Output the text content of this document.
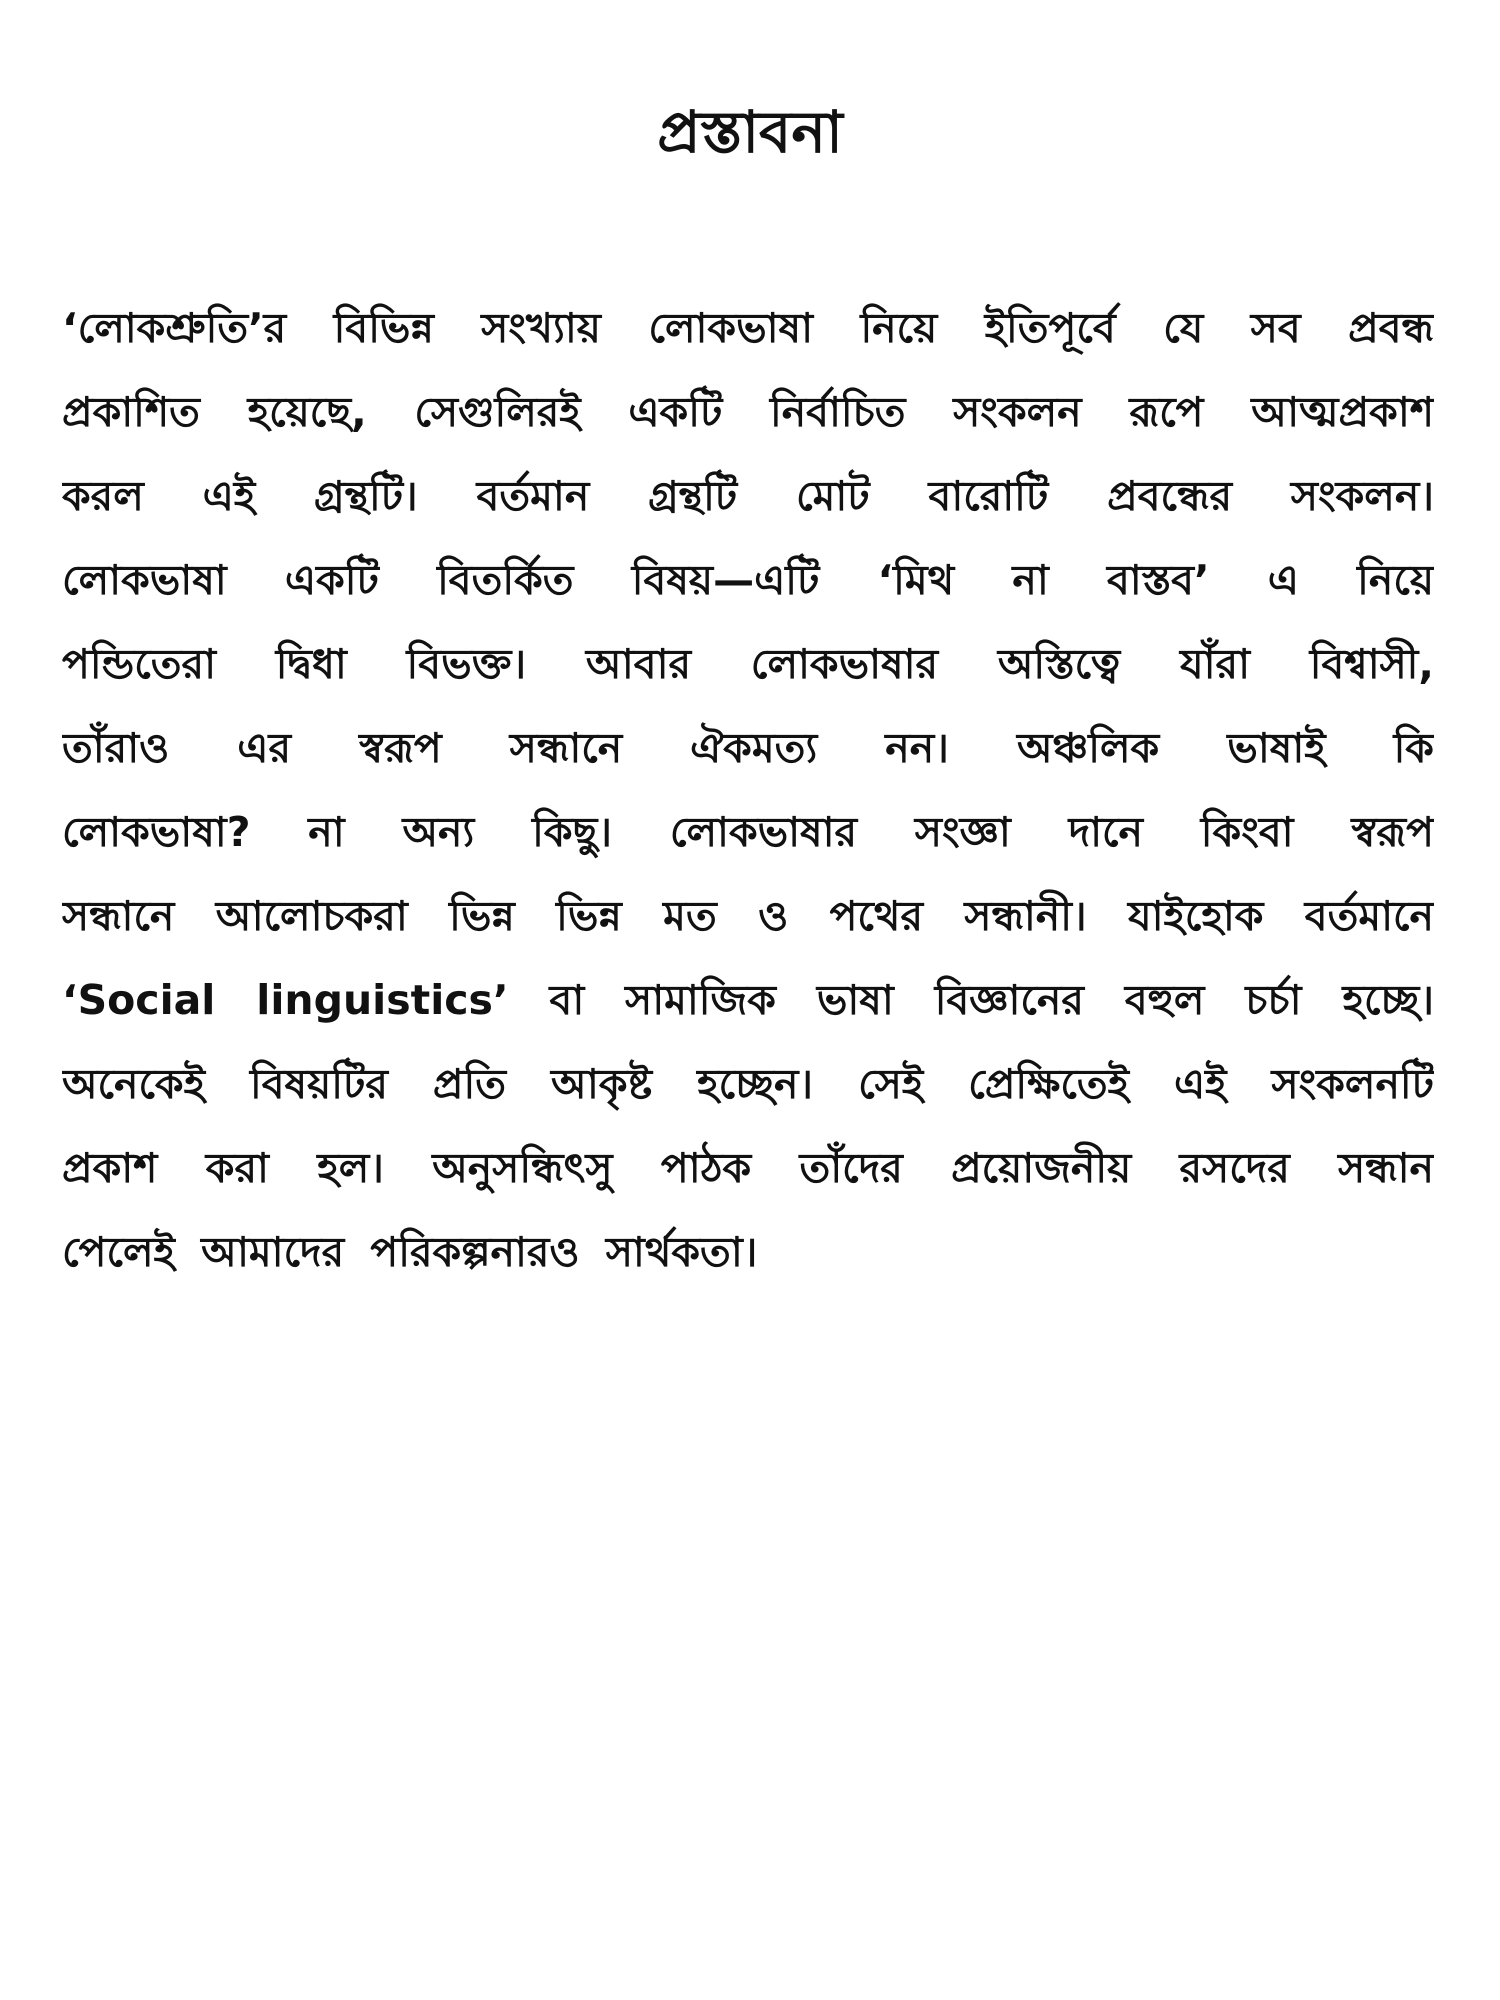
প্রস্তাবনা
‘লোকশ্রুতি’র বিভিন্ন সংখ্যায় লোকভাষা নিয়ে ইতিপূর্বে যে সব প্রবন্ধ
প্রকাশিত হয়েছে, সেগুলিরই একটি নির্বাচিত সংকলন রূপে আত্মপ্রকাশ
করল এই গ্রন্থটি। বর্তমান গ্রন্থটি মোট বারোটি প্রবন্ধের সংকলন।
লোকভাষা একটি বিতর্কিত বিষয়—এটি ‘মিথ না বাস্তব’ এ নিয়ে
পন্ডিতেরা দ্বিধা বিভক্ত। আবার লোকভাষার অস্তিত্বে যাঁরা বিশ্বাসী,
তাঁরাও এর স্বরূপ সন্ধানে ঐকমত্য নন। অঞ্চলিক ভাষাই কি
লোকভাষা? না অন্য কিছু। লোকভাষার সংজ্ঞা দানে কিংবা স্বরূপ
সন্ধানে আলোচকরা ভিন্ন ভিন্ন মত ও পথের সন্ধানী। যাইহোক বর্তমানে
‘Social linguistics’ বা সামাজিক ভাষা বিজ্ঞানের বহুল চর্চা হচ্ছে।
অনেকেই বিষয়টির প্রতি আকৃষ্ট হচ্ছেন। সেই প্রেক্ষিতেই এই সংকলনটি
প্রকাশ করা হল। অনুসন্ধিৎসু পাঠক তাঁদের প্রয়োজনীয় রসদের সন্ধান
পেলেই আমাদের পরিকল্পনারও সার্থকতা।
